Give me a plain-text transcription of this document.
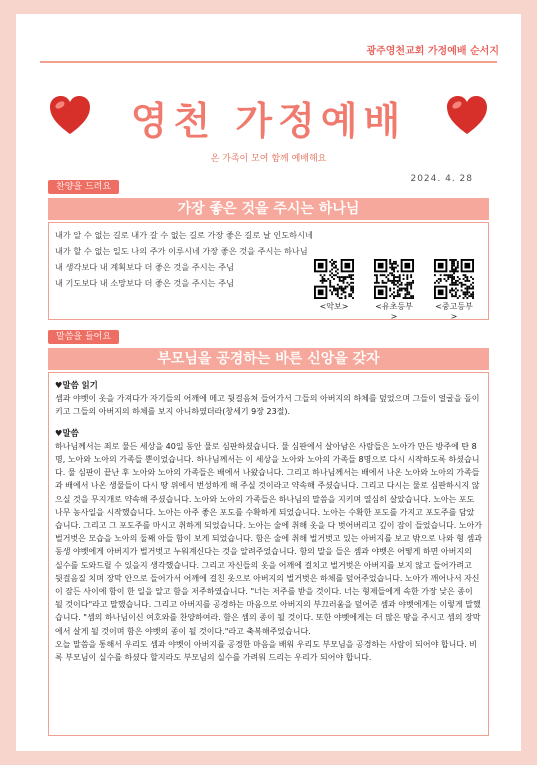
광주영천교회 가정예배 순서지
영천 가정예배
온 가족이 모여 함께 예배해요
2024. 4. 28
찬양을 드려요
가장 좋은 것을 주시는 하나님
내가 알 수 없는 길로 내가 갈 수 없는 길로 가장 좋은 길로 날 인도하시네
내가 할 수 없는 일도 나의 주가 이루시네 가장 좋은 것을 주시는 하나님
내 생각보다 내 계획보다 더 좋은 것을 주시는 주님
내 기도보다 내 소망보다 더 좋은 것을 주시는 주님
<악보>	<유초등부>
<중고등부>
말씀을 들어요
부모님을 공경하는 바른 신앙을 갖자

♥말씀 읽기

셈과 야벳이 옷을 가져다가 자기들의 어깨에 메고 뒷걸음쳐 들어가서 그들의 아버지의 하체를 덮었으며 그들이 얼굴을 돌이키고 그들의 아버지의 하체를 보지 아니하였더라(창세기 9장 23절).

♥말씀

하나님께서는 죄로 물든 세상을 40일 동안 물로 심판하셨습니다. 물 심판에서 살아남은 사람들은 노아가 만든 방주에 탄 8명, 노아와 노아의 가족들 뿐이었습니다. 하나님께서는 이 세상을 노아와 노아의 가족들 8명으로 다시 시작하도록 하셨습니다. 물 심판이 끝난 후 노아와 노아의 가족들은 배에서 나왔습니다. 그리고 하나님께서는 배에서 나온 노아와 노아의 가족들과 배에서 나온 생물들이 다시 땅 위에서 번성하게 해 주실 것이라고 약속해 주셨습니다. 그리고 다시는 물로 심판하시지 않으실 것을 무지개로 약속해 주셨습니다. 노아와 노아의 가족들은 하나님의 말씀을 지키며 열심히 살았습니다. 노아는 포도나무 농사일을 시작했습니다. 노아는 아주 좋은 포도를 수확하게 되었습니다. 노아는 수확한 포도를 가지고 포도주를 담았습니다. 그리고 그 포도주를 마시고 취하게 되었습니다. 노아는 술에 취해 옷을 다 벗어버리고 깊이 잠이 들었습니다. 노아가 벌거벗은 모습을 노아의 둘째 아들 함이 보게 되었습니다. 함은 술에 취해 벌거벗고 있는 아버지를 보고 밖으로 나와 형 셈과 동생 야벳에게 아버지가 벌거벗고 누워계신다는 것을 알려주었습니다. 함의 말을 들은 셈과 야벳은 어떻게 하면 아버지의 실수를 도와드릴 수 있을지 생각했습니다. 그리고 자신들의 옷을 어깨에 걸치고 벌거벗은 아버지를 보지 않고 들어가려고 뒷걸음질 치며 장막 안으로 들어가서 어깨에 걸친 옷으로 아버지의 벌거벗은 하체를 덮어주었습니다. 노아가 깨어나서 자신이 잠든 사이에 함이 한 일을 알고 함을 저주하였습니다. "너는 저주를 받을 것이다. 너는 형제들에게 속한 가장 낮은 종이 될 것이다"라고 말했습니다. 그리고 아버지를 공경하는 마음으로 아버지의 부끄러움을 덮어준 셈과 야벳에게는 이렇게 말했습니다. "셈의 하나님이신 여호와를 찬양하여라. 함은 셈의 종이 될 것이다. 또한 야벳에게는 더 많은 땅을 주시고 셈의 장막에서 살게 될 것이며 함은 야벳의 종이 될 것이다."라고 축복해주었습니다.

오늘 말씀을 통해서 우리도 셈과 야벳이 아버지를 공경한 마음을 배워 우리도 부모님을 공경하는 사람이 되어야 합니다. 비록 부모님이 실수를 하셨다 할지라도 부모님의 실수를 가려워 드리는 우리가 되어야 합니다.
